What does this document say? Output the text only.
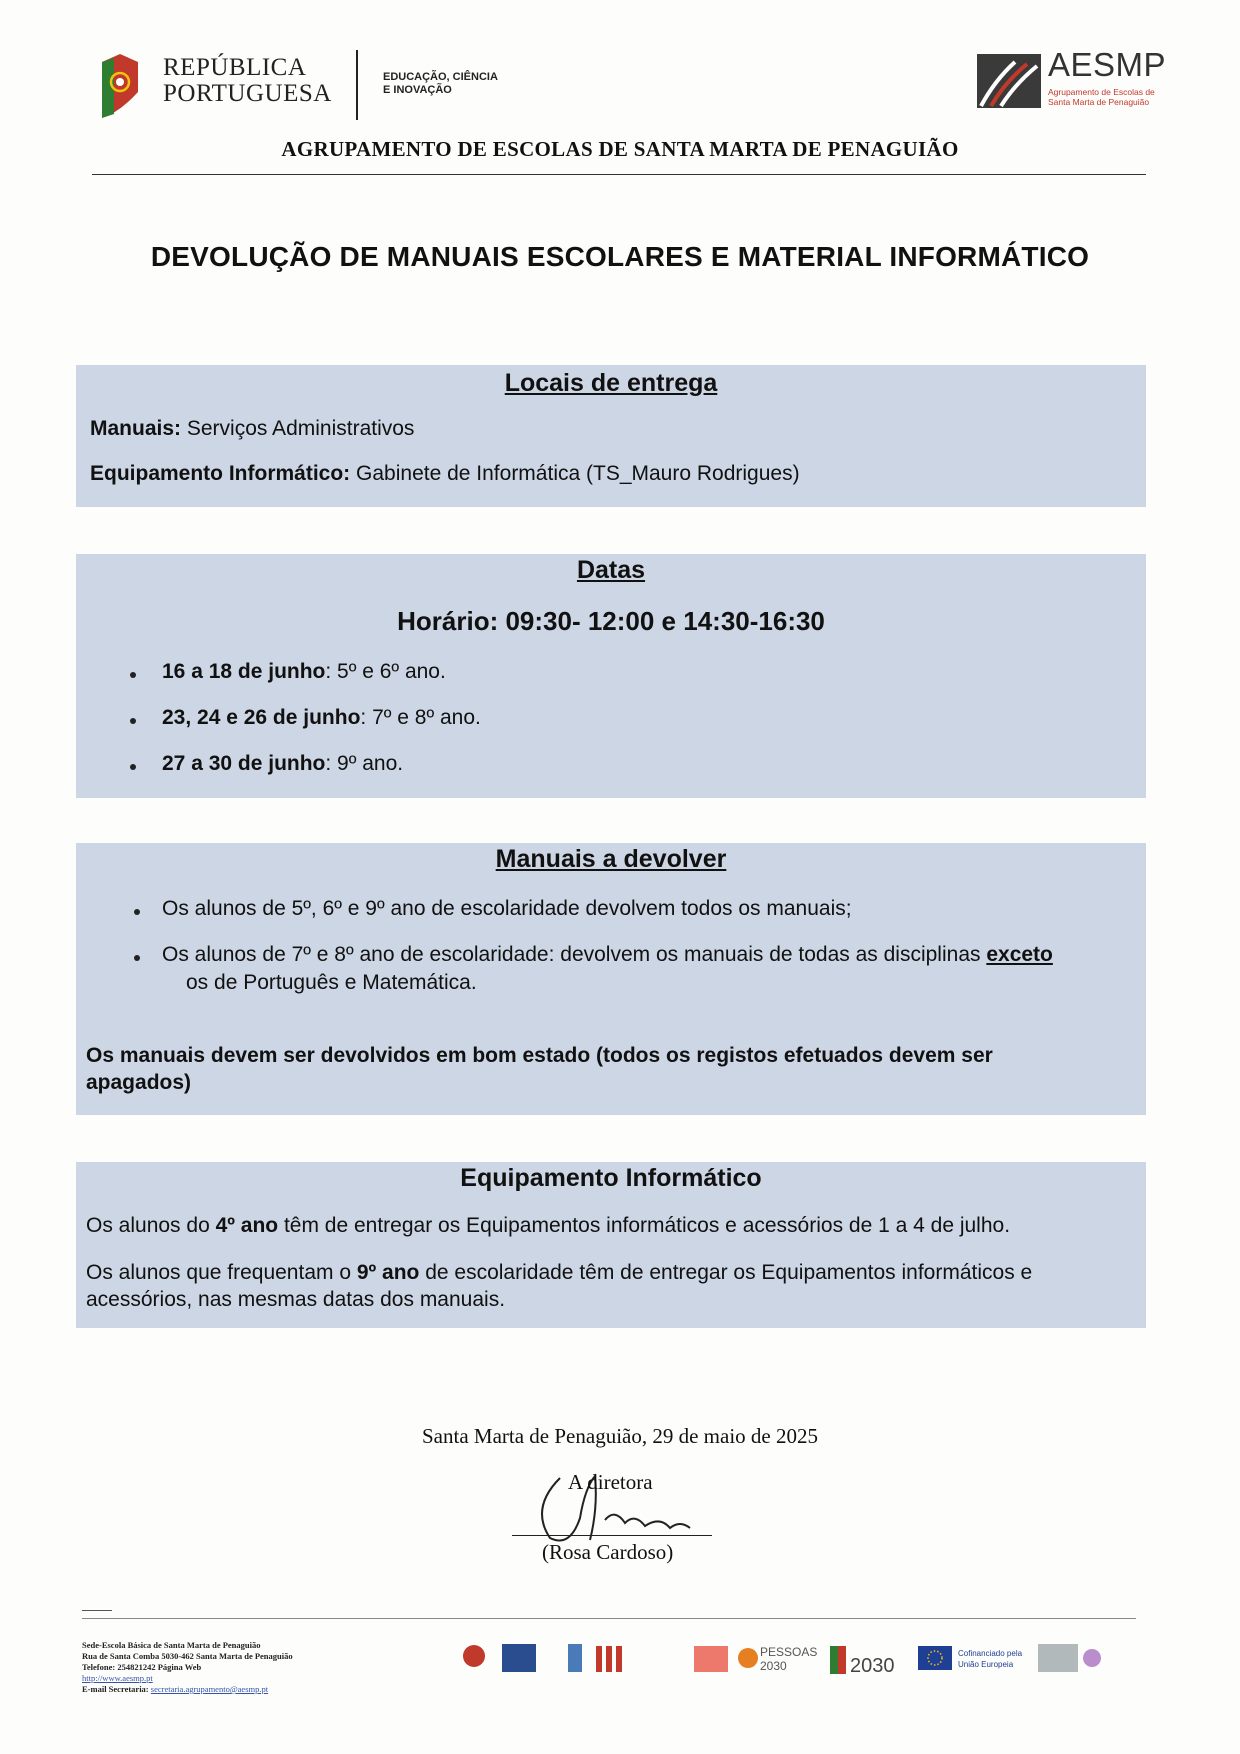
REPÚBLICA
PORTUGUESA
EDUCAÇÃO, CIÊNCIA
E INOVAÇÃO
AESMP
Agrupamento de Escolas de
Santa Marta de Penaguião
AGRUPAMENTO DE ESCOLAS DE SANTA MARTA DE PENAGUIÃO
DEVOLUÇÃO DE MANUAIS ESCOLARES E MATERIAL INFORMÁTICO
Locais de entrega
Manuais: Serviços Administrativos
Equipamento Informático: Gabinete de Informática (TS_Mauro Rodrigues)
Datas
Horário: 09:30- 12:00 e 14:30-16:30
16 a 18 de junho: 5º e 6º ano.
23, 24 e 26 de junho: 7º e 8º ano.
27 a 30 de junho: 9º ano.
Manuais a devolver
Os alunos de 5º, 6º e 9º ano de escolaridade devolvem todos os manuais;
Os alunos de 7º e 8º ano de escolaridade: devolvem os manuais de todas as disciplinas exceto
os de Português e Matemática.
Os manuais devem ser devolvidos em bom estado (todos os registos efetuados devem ser
apagados)
Equipamento Informático
Os alunos do 4º ano têm de entregar os Equipamentos informáticos e acessórios de 1 a 4 de julho.
Os alunos que frequentam o 9º ano de escolaridade têm de entregar os Equipamentos informáticos e
acessórios, nas mesmas datas dos manuais.
Santa Marta de Penaguião, 29 de maio de 2025
A diretora
(Rosa Cardoso)
Sede-Escola Básica de Santa Marta de Penaguião
Rua de Santa Comba 5030-462 Santa Marta de Penaguião
Telefone: 254821242 Página Web
http://www.aesmp.pt
E-mail Secretaria: secretaria.agrupamento@aesmp.pt
PESSOAS
2030	2030
Cofinanciado pela
União Europeia
